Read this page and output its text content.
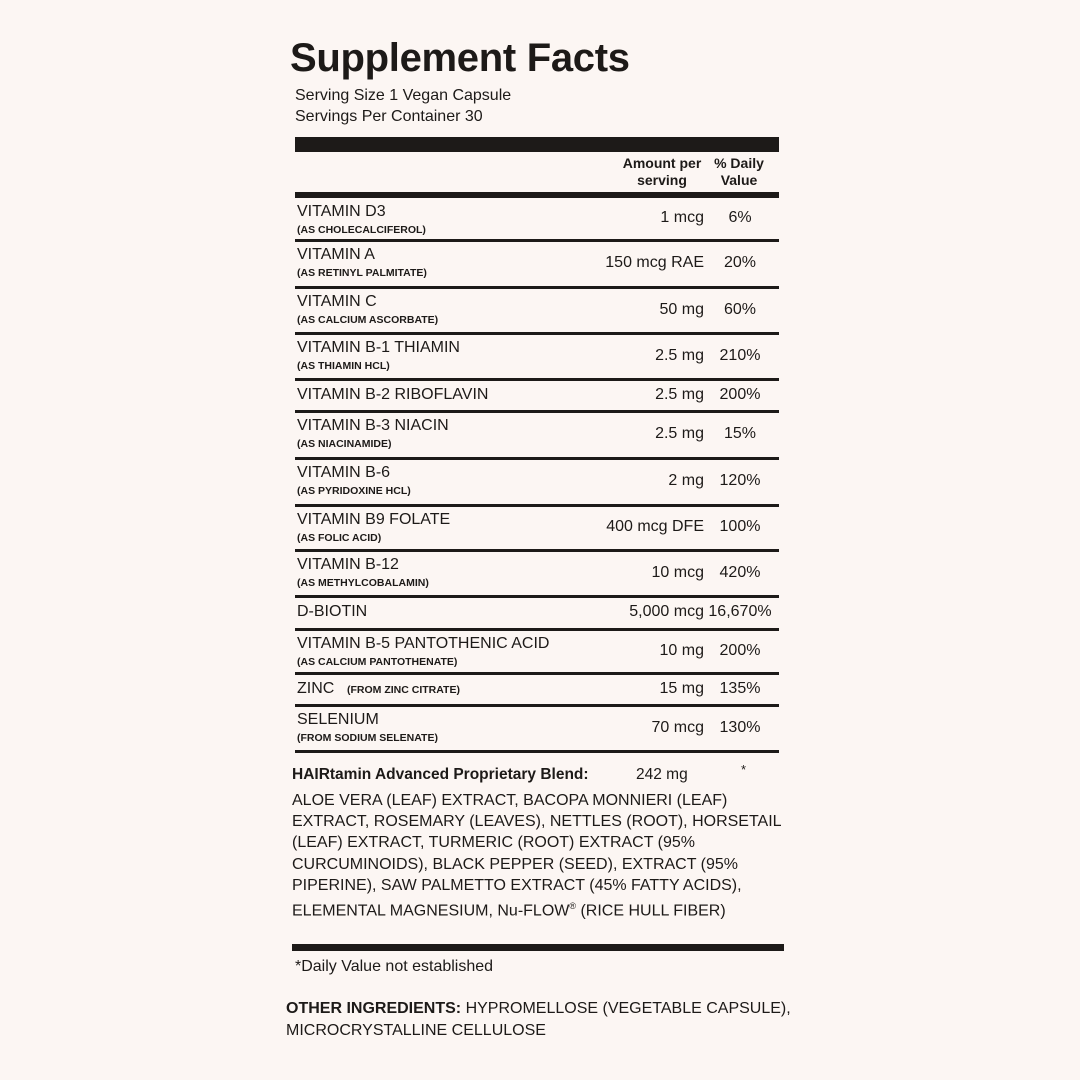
Supplement Facts
Serving Size 1 Vegan Capsule
Servings Per Container 30
Amount per
serving
% Daily
Value
VITAMIN D3
(AS CHOLECALCIFEROL)
1 mcg	6%
VITAMIN A
(AS RETINYL PALMITATE)
150 mcg RAE	20%
VITAMIN C
(AS CALCIUM ASCORBATE)
50 mg	60%
VITAMIN B-1 THIAMIN
(AS THIAMIN HCL)
2.5 mg 210%
VITAMIN B-2 RIBOFLAVIN	2.5 mg 200%
VITAMIN B-3 NIACIN
(AS NIACINAMIDE)
2.5 mg	15%
VITAMIN B-6
(AS PYRIDOXINE HCL)
2 mg 120%
VITAMIN B9 FOLATE
(AS FOLIC ACID)
400 mcg DFE 100%
VITAMIN B-12
(AS METHYLCOBALAMIN)
10 mcg 420%
D-BIOTIN	5,000 mcg 16,670%
VITAMIN B-5 PANTOTHENIC ACID
(AS CALCIUM PANTOTHENATE)
10 mg 200%
ZINC (FROM ZINC CITRATE)	15 mg 135%
SELENIUM
(FROM SODIUM SELENATE)
70 mcg 130%
HAIRtamin Advanced Proprietary Blend:	242 mg	*
ALOE VERA (LEAF) EXTRACT, BACOPA MONNIERI (LEAF) EXTRACT, ROSEMARY (LEAVES), NETTLES (ROOT), HORSETAIL (LEAF) EXTRACT, TURMERIC (ROOT) EXTRACT (95% CURCUMINOIDS), BLACK PEPPER (SEED), EXTRACT (95% PIPERINE), SAW PALMETTO EXTRACT (45% FATTY ACIDS), ELEMENTAL MAGNESIUM, Nu-FLOW® (RICE HULL FIBER)
*Daily Value not established
OTHER INGREDIENTS: HYPROMELLOSE (VEGETABLE CAPSULE), MICROCRYSTALLINE CELLULOSE
